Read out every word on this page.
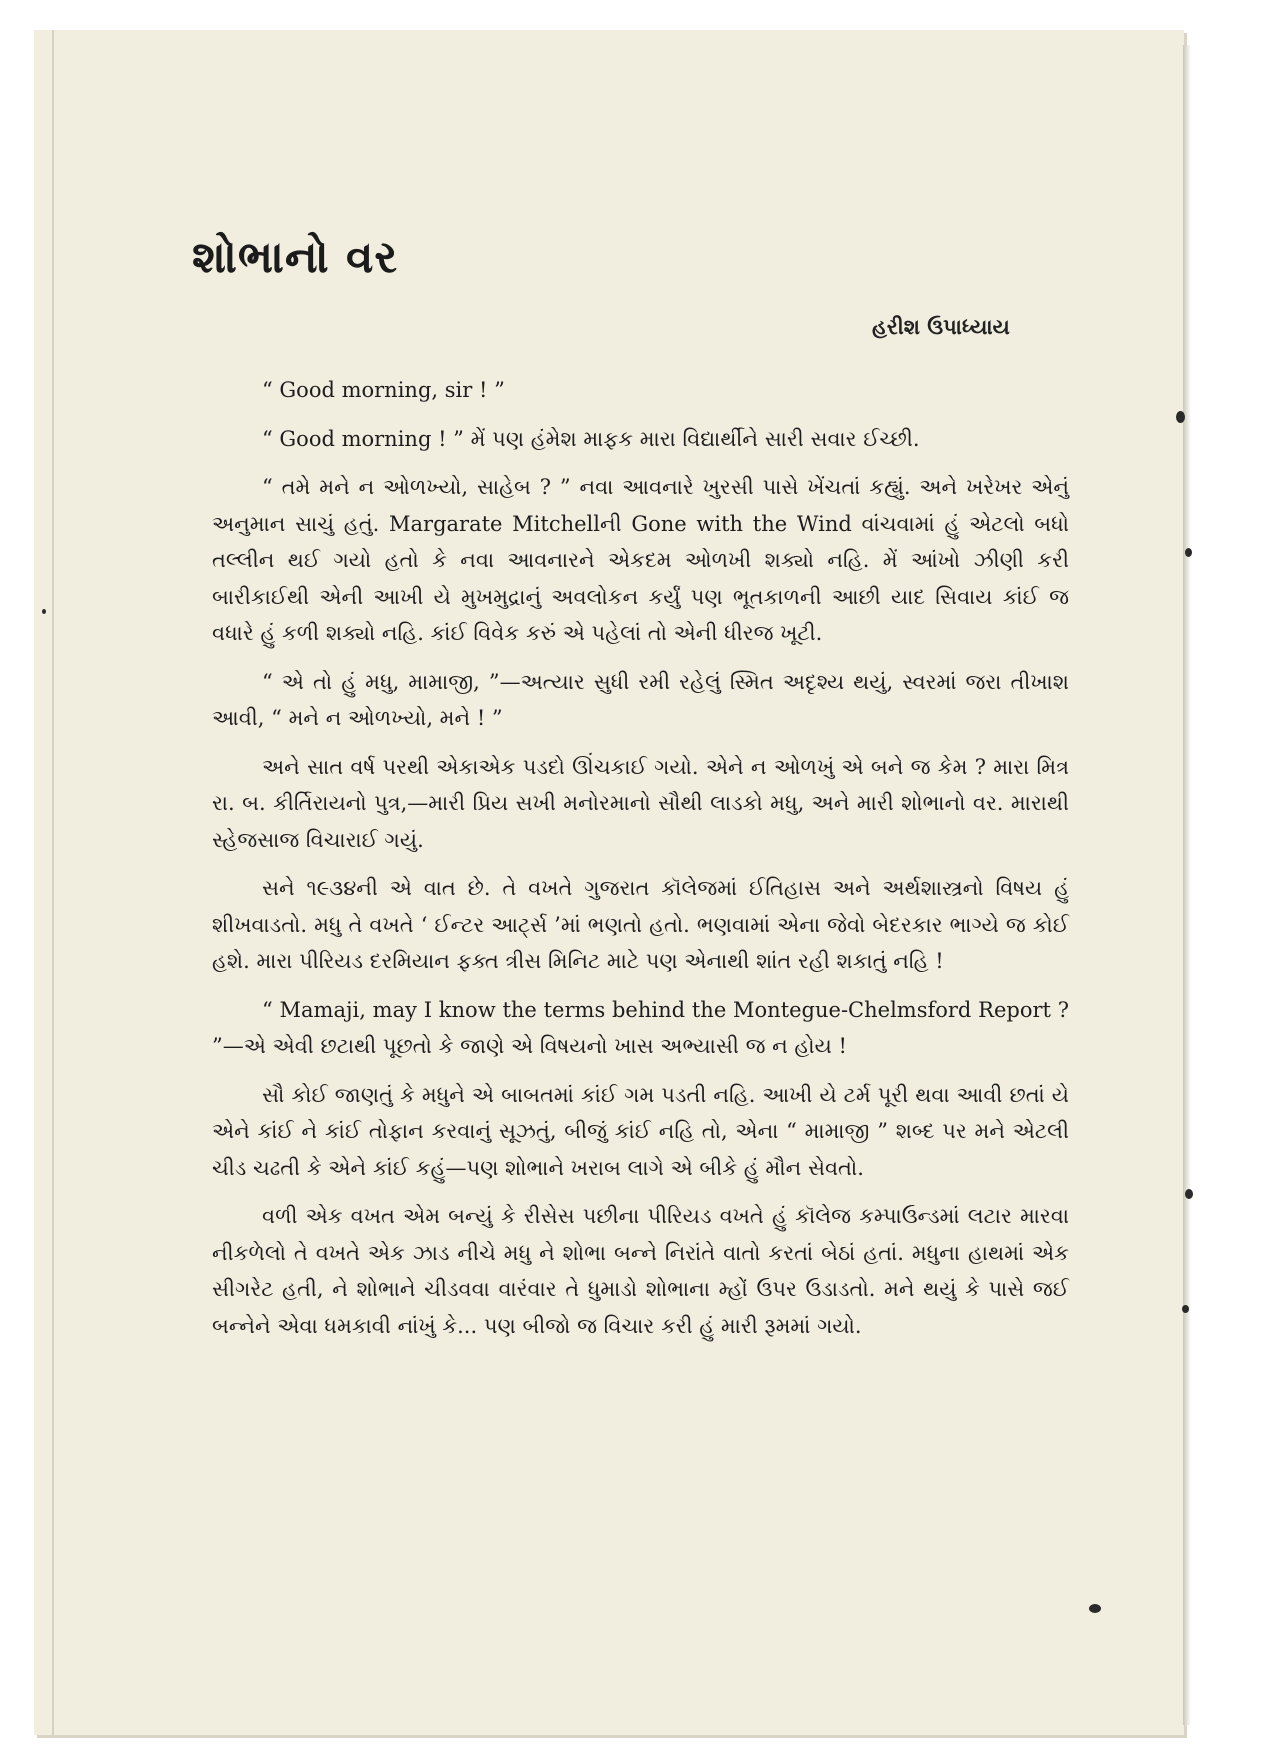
શોભાનો વર
હરીશ ઉપાધ્યાય

“ Good morning, sir ! ”

“ Good morning ! ” મેં પણ હંમેશ માફક મારા વિદ્યાર્થીને સારી સવાર ઈચ્છી.

“ તમે મને ન ઓળખ્યો, સાહેબ ? ” નવા આવનારે ખુરસી પાસે ખેંચતાં કહ્યું. અને ખરેખર એનું અનુમાન સાચું હતું. Margarate Mitchellની Gone with the Wind વાંચવામાં હું એટલો બધો તલ્લીન થઈ ગયો હતો કે નવા આવનારને એકદમ ઓળખી શક્યો નહિ. મેં આંખો ઝીણી કરી બારીકાઈથી એની આખી યે મુખમુદ્રાનું અવલોકન કર્યું પણ ભૂતકાળની આછી યાદ સિવાય કાંઈ જ વધારે હું કળી શક્યો નહિ. કાંઈ વિવેક કરું એ પહેલાં તો એની ધીરજ ખૂટી.

“ એ તો હું મધુ, મામાજી, ”—અત્યાર સુધી રમી રહેલું સ્મિત અદૃશ્ય થયું, સ્વરમાં જરા તીખાશ આવી, “ મને ન ઓળખ્યો, મને ! ”

અને સાત વર્ષ પરથી એકાએક પડદો ઊંચકાઈ ગયો. એને ન ઓળખું એ બને જ કેમ ? મારા મિત્ર રા. બ. કીર્તિરાયનો પુત્ર,—મારી પ્રિય સખી મનોરમાનો સૌથી લાડકો મધુ, અને મારી શોભાનો વર. મારાથી સ્હેજસાજ વિચારાઈ ગયું.

સને ૧૯૩૪ની એ વાત છે. તે વખતે ગુજરાત કૉલેજમાં ઈતિહાસ અને અર્થશાસ્ત્રનો વિષય હું શીખવાડતો. મધુ તે વખતે ‘ ઈન્ટર આર્ટ્સ ’માં ભણતો હતો. ભણવામાં એના જેવો બેદરકાર ભાગ્યે જ કોઈ હશે. મારા પીરિયડ દરમિયાન ફક્ત ત્રીસ મિનિટ માટે પણ એનાથી શાંત રહી શકાતું નહિ !

“ Mamaji, may I know the terms behind the Montegue-Chelmsford Report ? ”—એ એવી છટાથી પૂછતો કે જાણે એ વિષયનો ખાસ અભ્યાસી જ ન હોય !

સૌ કોઈ જાણતું કે મધુને એ બાબતમાં કાંઈ ગમ પડતી નહિ. આખી યે ટર્મ પૂરી થવા આવી છતાં યે એને કાંઈ ને કાંઈ તોફાન કરવાનું સૂઝતું, બીજું કાંઈ નહિ તો, એના “ મામાજી ” શબ્દ પર મને એટલી ચીડ ચઢતી કે એને કાંઈ કહું—પણ શોભાને ખરાબ લાગે એ બીકે હું મૌન સેવતો.

વળી એક વખત એમ બન્યું કે રીસેસ પછીના પીરિયડ વખતે હું કૉલેજ કમ્પાઉન્ડમાં લટાર મારવા નીકળેલો તે વખતે એક ઝાડ નીચે મધુ ને શોભા બન્ને નિરાંતે વાતો કરતાં બેઠાં હતાં. મધુના હાથમાં એક સીગરેટ હતી, ને શોભાને ચીડવવા વારંવાર તે ધુમાડો શોભાના મ્હોં ઉપર ઉડાડતો. મને થયું કે પાસે જઈ બન્નેને એવા ધમકાવી નાંખું કે... પણ બીજો જ વિચાર કરી હું મારી રૂમમાં ગયો.
